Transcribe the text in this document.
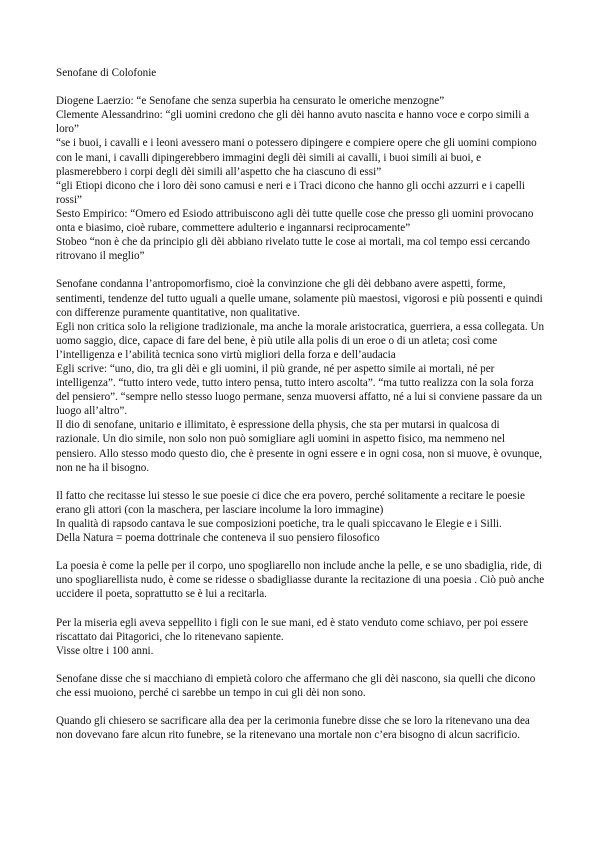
Senofane di Colofonie

Diogene Laerzio: “e Senofane che senza superbia ha censurato le omeriche menzogne”

Clemente Alessandrino: “gli uomini credono che gli dèi hanno avuto nascita e hanno voce e corpo simili a loro”

“se i buoi, i cavalli e i leoni avessero mani o potessero dipingere e compiere opere che gli uomini compiono con le mani, i cavalli dipingerebbero immagini degli dèi simili ai cavalli, i buoi simili ai buoi, e plasmerebbero i corpi degli dèi simili all’aspetto che ha ciascuno di essi”

“gli Etiopi dicono che i loro dèi sono camusi e neri e i Traci dicono che hanno gli occhi azzurri e i capelli rossi”

Sesto Empirico: “Omero ed Esiodo attribuiscono agli dèi tutte quelle cose che presso gli uomini provocano onta e biasimo, cioè rubare, commettere adulterio e ingannarsi reciprocamente”

Stobeo “non è che da principio gli dèi abbiano rivelato tutte le cose ai mortali, ma col tempo essi cercando ritrovano il meglio”

Senofane condanna l’antropomorfismo, cioè la convinzione che gli dèi debbano avere aspetti, forme, sentimenti, tendenze del tutto uguali a quelle umane, solamente più maestosi, vigorosi e più possenti e quindi con differenze puramente quantitative, non qualitative.

Egli non critica solo la religione tradizionale, ma anche la morale aristocratica, guerriera, a essa collegata. Un uomo saggio, dice, capace di fare del bene, è più utile alla polis di un eroe o di un atleta; così come l’intelligenza e l’abilità tecnica sono virtù migliori della forza e dell’audacia

Egli scrive: “uno, dio, tra gli dèi e gli uomini, il più grande, né per aspetto simile ai mortali, né per intelligenza”. “tutto intero vede, tutto intero pensa, tutto intero ascolta”. “ma tutto realizza con la sola forza del pensiero”. “sempre nello stesso luogo permane, senza muoversi affatto, né a lui si conviene passare da un luogo all’altro”.

Il dio di senofane, unitario e illimitato, è espressione della physis, che sta per mutarsi in qualcosa di razionale. Un dio simile, non solo non può somigliare agli uomini in aspetto fisico, ma nemmeno nel pensiero. Allo stesso modo questo dio, che è presente in ogni essere e in ogni cosa, non si muove, è ovunque, non ne ha il bisogno.

Il fatto che recitasse lui stesso le sue poesie ci dice che era povero, perché solitamente a recitare le poesie erano gli attori (con la maschera, per lasciare incolume la loro immagine)

In qualità di rapsodo cantava le sue composizioni poetiche, tra le quali spiccavano le Elegie e i Silli.

Della Natura = poema dottrinale che conteneva il suo pensiero filosofico

La poesia è come la pelle per il corpo, uno spogliarello non include anche la pelle, e se uno sbadiglia, ride, di uno spogliarellista nudo, è come se ridesse o sbadigliasse durante la recitazione di una poesia . Ciò può anche uccidere il poeta, soprattutto se è lui a recitarla.

Per la miseria egli aveva seppellito i figli con le sue mani, ed è stato venduto come schiavo, per poi essere riscattato dai Pitagorici, che lo ritenevano sapiente.

Visse oltre i 100 anni.

Senofane disse che si macchiano di empietà coloro che affermano che gli dèi nascono, sia quelli che dicono che essi muoiono, perché ci sarebbe un tempo in cui gli dèi non sono.

Quando gli chiesero se sacrificare alla dea per la cerimonia funebre disse che se loro la ritenevano una dea non dovevano fare alcun rito funebre, se la ritenevano una mortale non c’era bisogno di alcun sacrificio.
